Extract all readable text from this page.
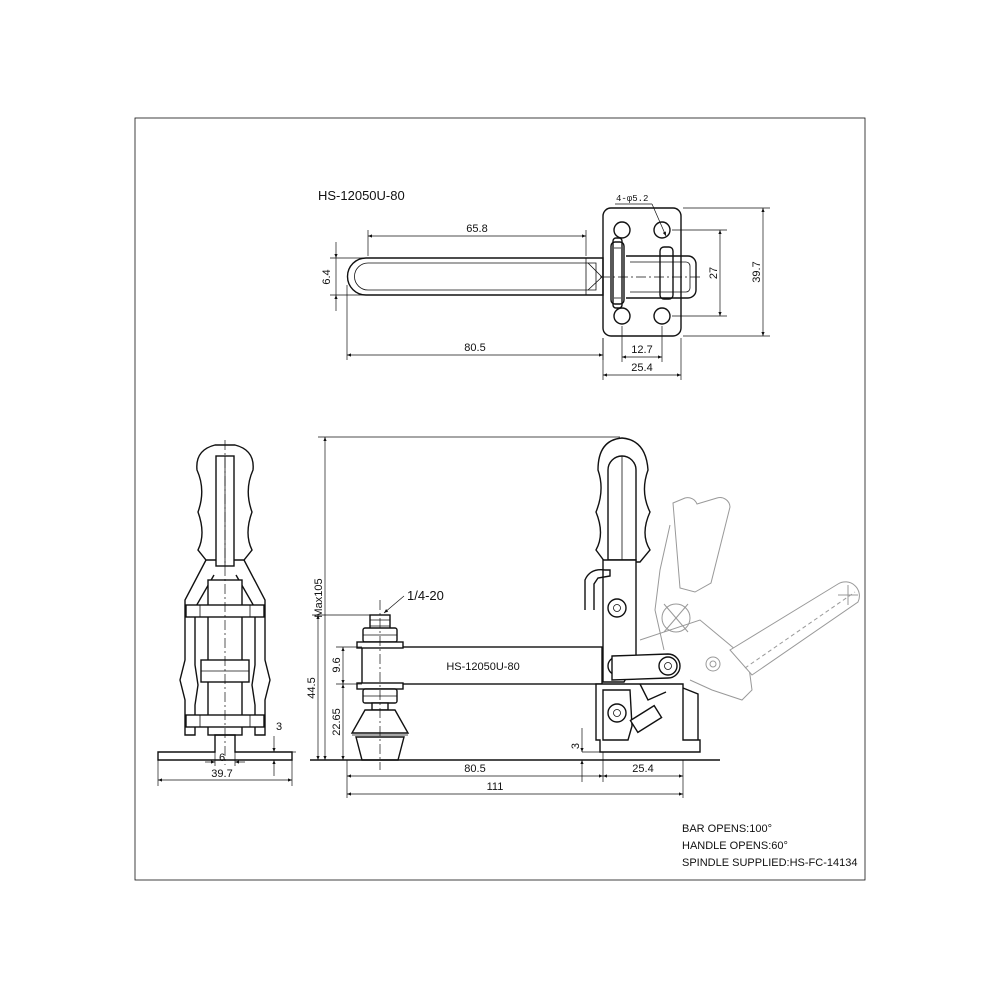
HS-12050U-80
65.8
6.4
80.5	12.7
25.4
27	39.7
4-φ5.2
6
39.7
3
HS-12050U-80
1/4-20
Max105
44.5
9.6
22.65
3
80.5	25.4
111
BAR OPENS:100°
HANDLE OPENS:60°
SPINDLE SUPPLIED:HS-FC-14134
